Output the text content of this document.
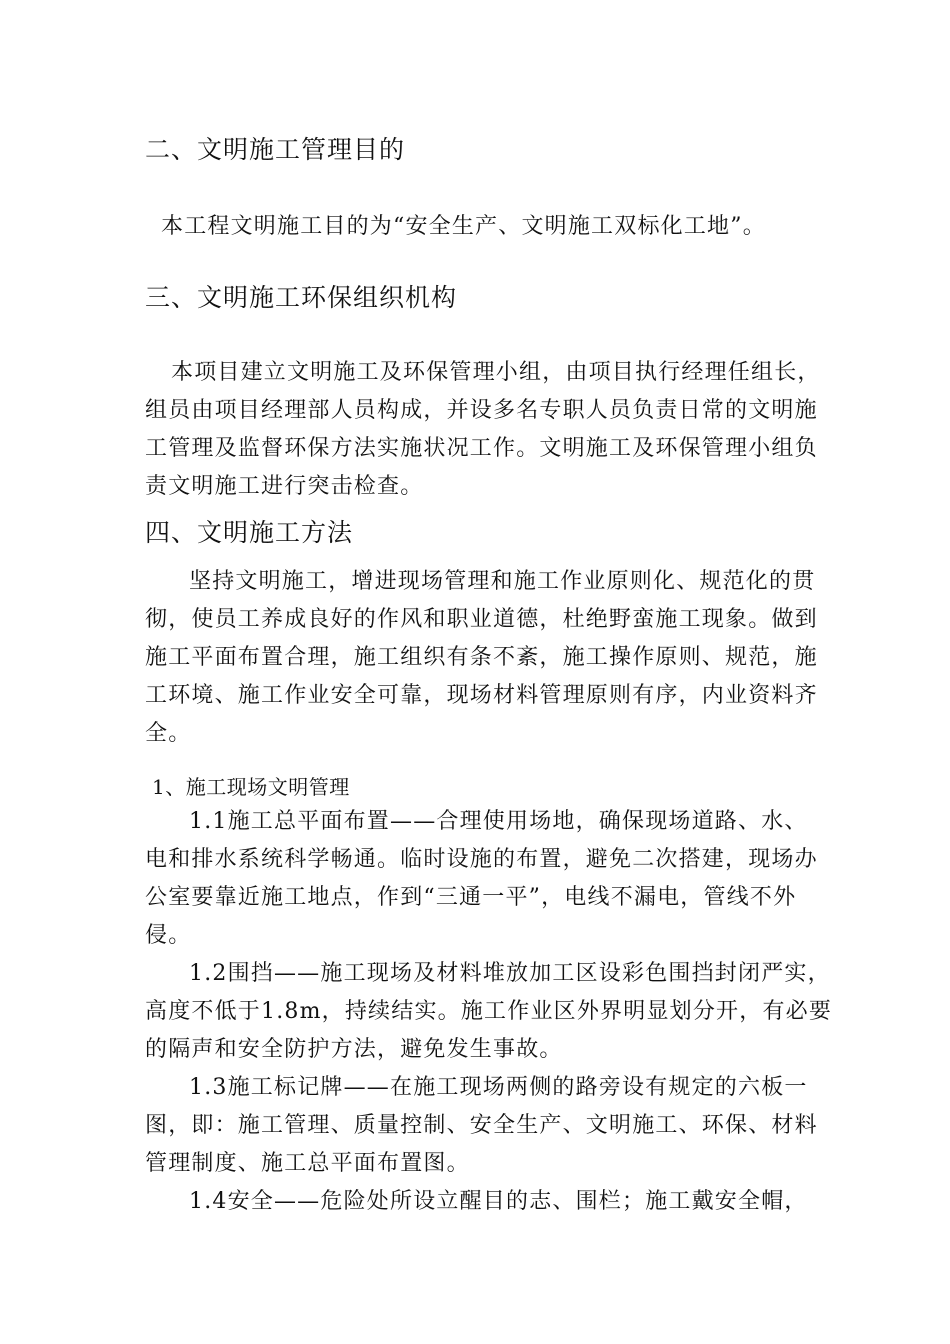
二、文明施工管理目的
本工程文明施工目的为“安全生产、文明施工双标化工地”。
三、文明施工环保组织机构
本项目建立文明施工及环保管理小组，由项目执行经理任组长，
组员由项目经理部人员构成，并设多名专职人员负责日常的文明施
工管理及监督环保方法实施状况工作。文明施工及环保管理小组负
责文明施工进行突击检查。
四、文明施工方法
坚持文明施工，增进现场管理和施工作业原则化、规范化的贯
彻，使员工养成良好的作风和职业道德，杜绝野蛮施工现象。做到
施工平面布置合理，施工组织有条不紊，施工操作原则、规范，施
工环境、施工作业安全可靠，现场材料管理原则有序，内业资料齐
全。
1、施工现场文明管理
1.1施工总平面布置——合理使用场地，确保现场道路、水、
电和排水系统科学畅通。临时设施的布置，避免二次搭建，现场办
公室要靠近施工地点，作到“三通一平”，电线不漏电，管线不外
侵。
1.2围挡——施工现场及材料堆放加工区设彩色围挡封闭严实，
高度不低于1.8m，持续结实。施工作业区外界明显划分开，有必要
的隔声和安全防护方法，避免发生事故。
1.3施工标记牌——在施工现场两侧的路旁设有规定的六板一
图，即：施工管理、质量控制、安全生产、文明施工、环保、材料
管理制度、施工总平面布置图。
1.4安全——危险处所设立醒目的志、围栏；施工戴安全帽，
